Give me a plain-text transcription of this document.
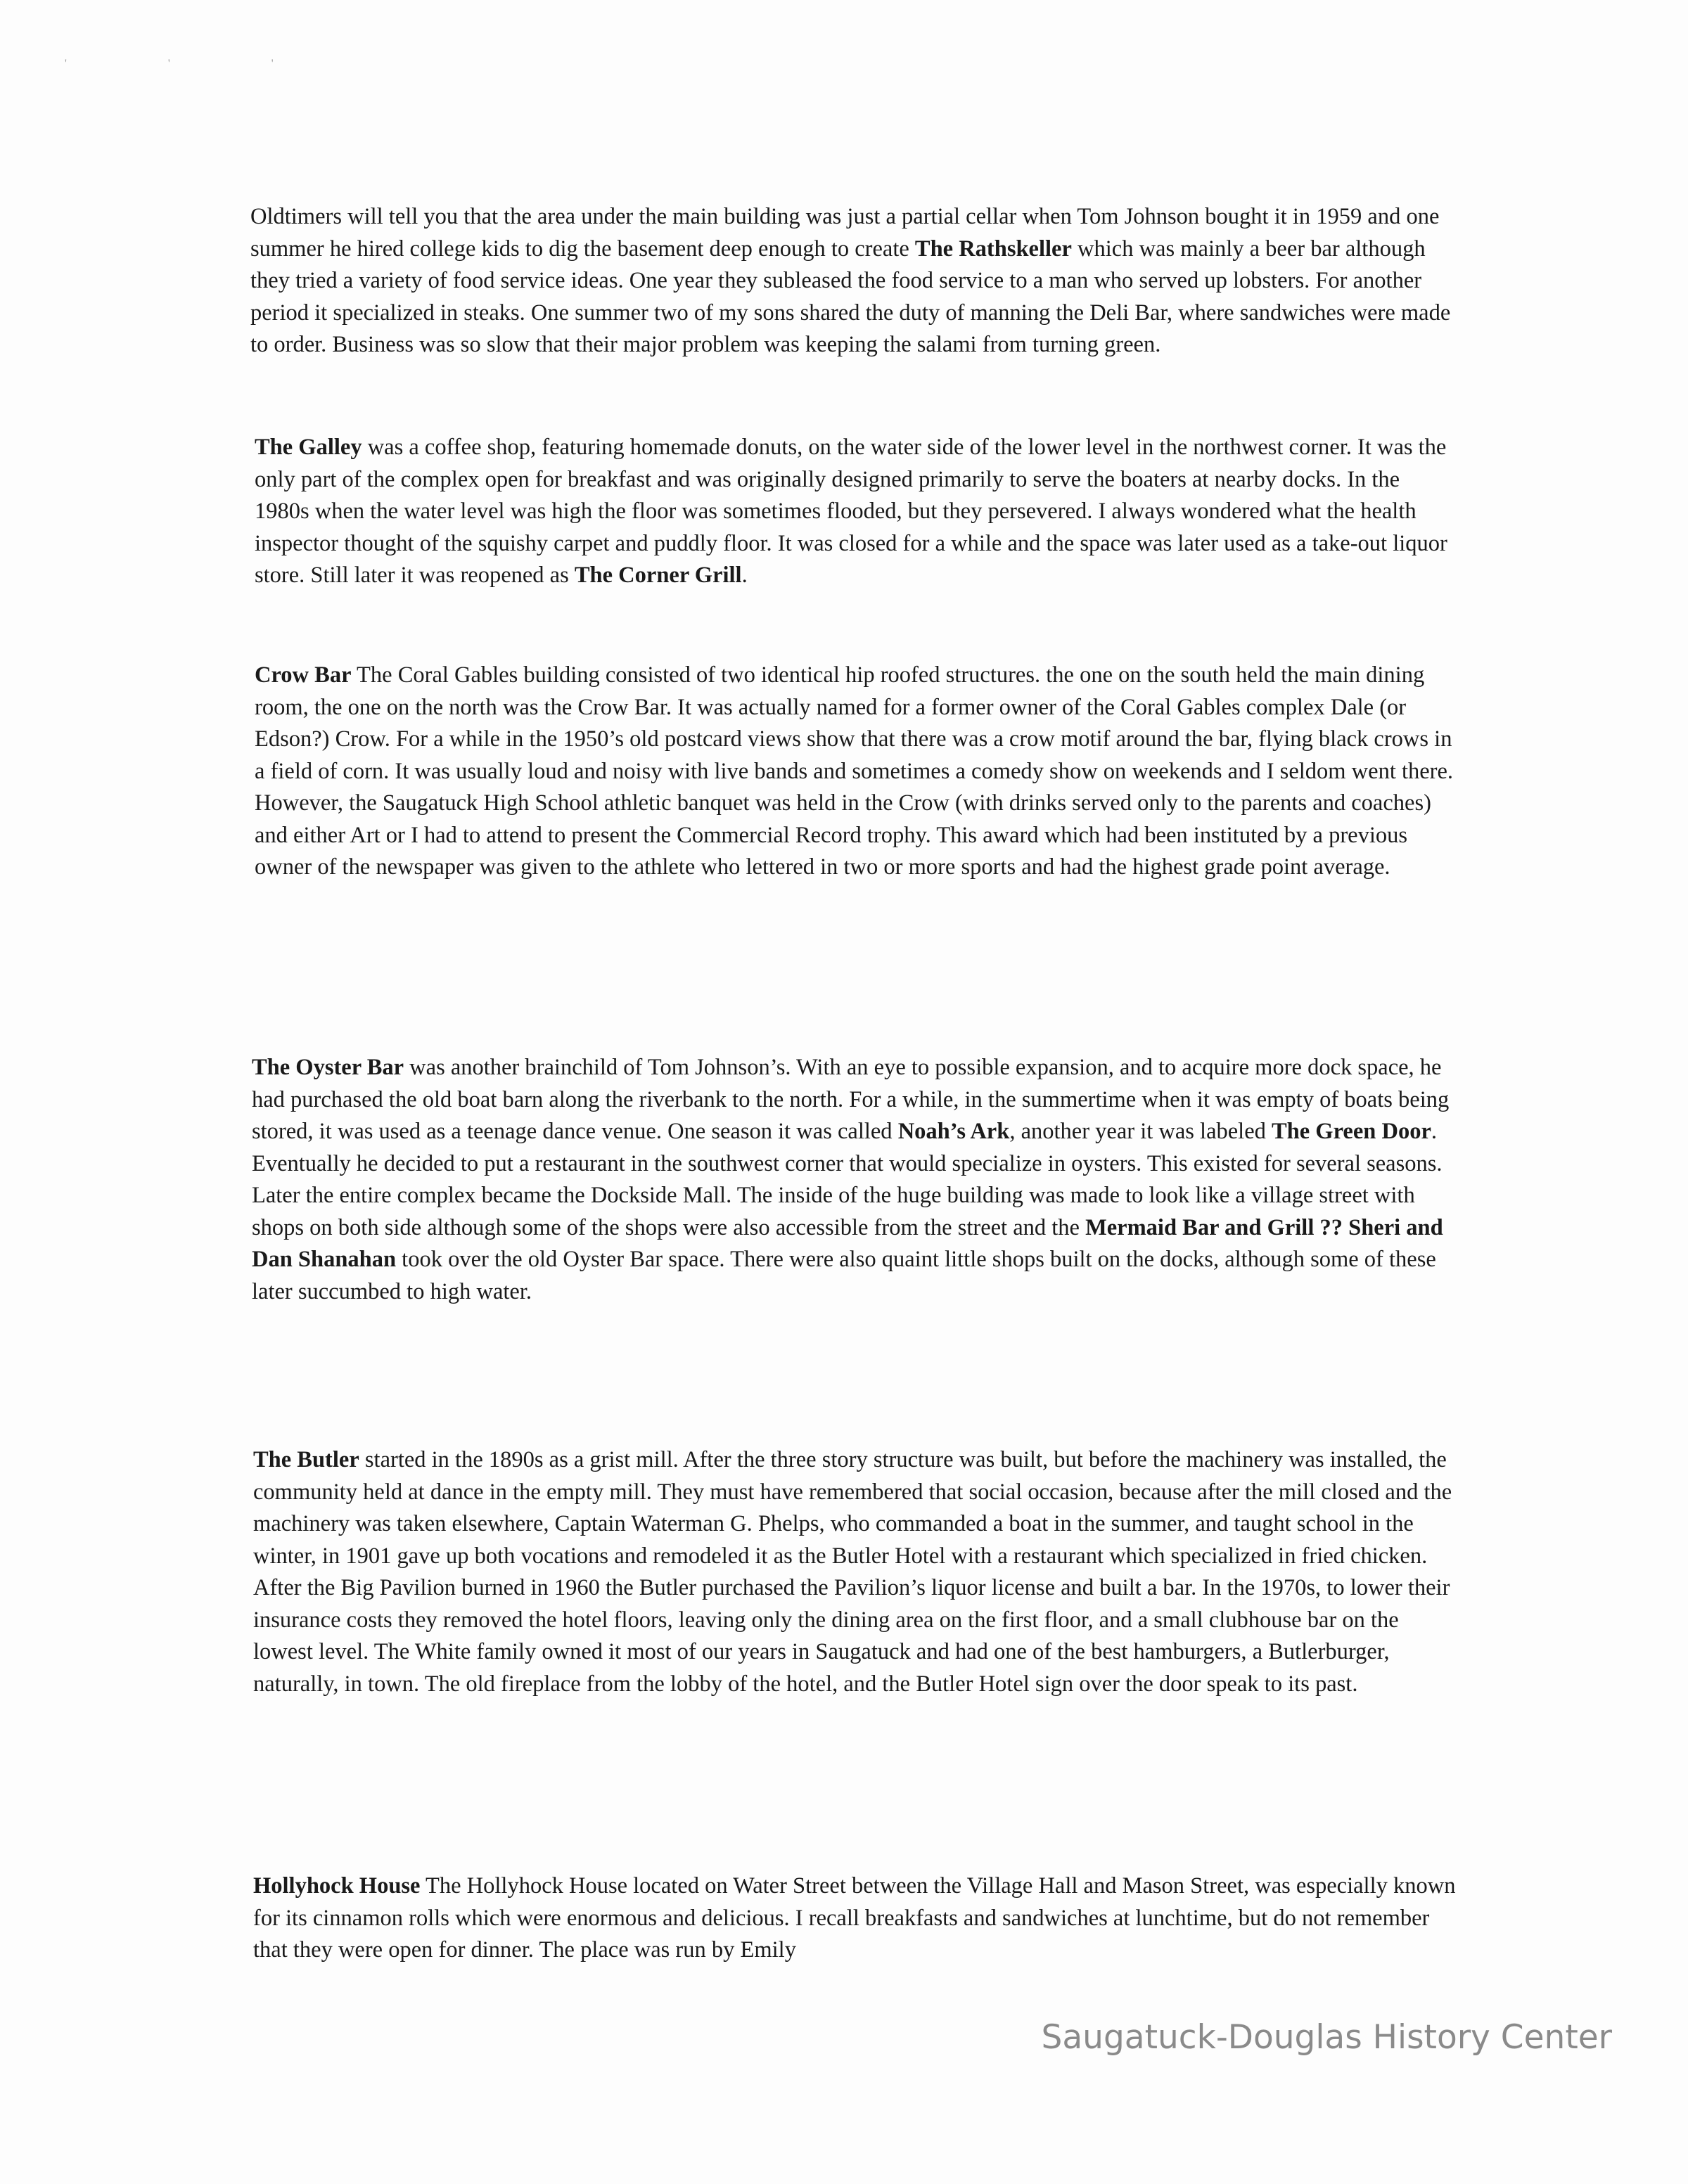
' ' '

Oldtimers will tell you that the area under the main building was just a partial cellar when Tom Johnson bought it in 1959 and one summer he hired college kids to dig the basement deep enough to create The Rathskeller which was mainly a beer bar although they tried a variety of food service ideas. One year they subleased the food service to a man who served up lobsters. For another period it specialized in steaks. One summer two of my sons shared the duty of manning the Deli Bar, where sandwiches were made to order. Business was so slow that their major problem was keeping the salami from turning green.

The Galley was a coffee shop, featuring homemade donuts, on the water side of the lower level in the northwest corner. It was the only part of the complex open for breakfast and was originally designed primarily to serve the boaters at nearby docks. In the 1980s when the water level was high the floor was sometimes flooded, but they persevered. I always wondered what the health inspector thought of the squishy carpet and puddly floor. It was closed for a while and the space was later used as a take-out liquor store. Still later it was reopened as The Corner Grill.

Crow Bar The Coral Gables building consisted of two identical hip roofed structures. the one on the south held the main dining room, the one on the north was the Crow Bar. It was actually named for a former owner of the Coral Gables complex Dale (or Edson?) Crow. For a while in the 1950’s old postcard views show that there was a crow motif around the bar, flying black crows in a field of corn. It was usually loud and noisy with live bands and sometimes a comedy show on weekends and I seldom went there. However, the Saugatuck High School athletic banquet was held in the Crow (with drinks served only to the parents and coaches) and either Art or I had to attend to present the Commercial Record trophy. This award which had been instituted by a previous owner of the newspaper was given to the athlete who lettered in two or more sports and had the highest grade point average.

The Oyster Bar was another brainchild of Tom Johnson’s. With an eye to possible expansion, and to acquire more dock space, he had purchased the old boat barn along the riverbank to the north. For a while, in the summertime when it was empty of boats being stored, it was used as a teenage dance venue. One season it was called Noah’s Ark, another year it was labeled The Green Door. Eventually he decided to put a restaurant in the southwest corner that would specialize in oysters. This existed for several seasons. Later the entire complex became the Dockside Mall. The inside of the huge building was made to look like a village street with shops on both side although some of the shops were also accessible from the street and the Mermaid Bar and Grill ?? Sheri and Dan Shanahan took over the old Oyster Bar space. There were also quaint little shops built on the docks, although some of these later succumbed to high water.

The Butler started in the 1890s as a grist mill. After the three story structure was built, but before the machinery was installed, the community held at dance in the empty mill. They must have remembered that social occasion, because after the mill closed and the machinery was taken elsewhere, Captain Waterman G. Phelps, who commanded a boat in the summer, and taught school in the winter, in 1901 gave up both vocations and remodeled it as the Butler Hotel with a restaurant which specialized in fried chicken. After the Big Pavilion burned in 1960 the Butler purchased the Pavilion’s liquor license and built a bar. In the 1970s, to lower their insurance costs they removed the hotel floors, leaving only the dining area on the first floor, and a small clubhouse bar on the lowest level. The White family owned it most of our years in Saugatuck and had one of the best hamburgers, a Butlerburger, naturally, in town. The old fireplace from the lobby of the hotel, and the Butler Hotel sign over the door speak to its past.

Hollyhock House The Hollyhock House located on Water Street between the Village Hall and Mason Street, was especially known for its cinnamon rolls which were enormous and delicious. I recall breakfasts and sandwiches at lunchtime, but do not remember that they were open for dinner. The place was run by Emily

Saugatuck-Douglas History Center
